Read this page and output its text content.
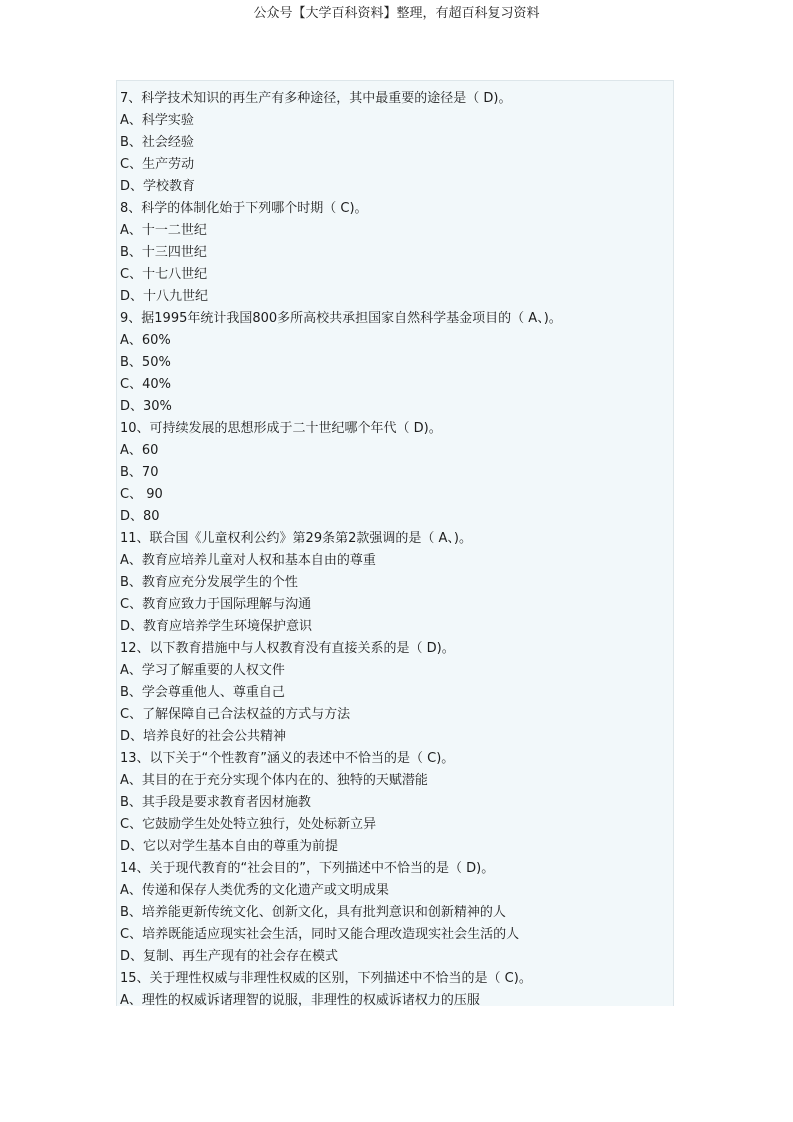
公众号【大学百科资料】整理，有超百科复习资料
7、科学技术知识的再生产有多种途径，其中最重要的途径是（ D)。
A、科学实验
B、社会经验
C、生产劳动
D、学校教育
8、科学的体制化始于下列哪个时期（ C)。
A、十一二世纪
B、十三四世纪
C、十七八世纪
D、十八九世纪
9、据1995年统计我国800多所高校共承担国家自然科学基金项目的（ A、)。
A、60%
B、50%
C、40%
D、30%
10、可持续发展的思想形成于二十世纪哪个年代（ D)。
A、60
B、70
C、 90
D、80
11、联合国《儿童权利公约》第29条第2款强调的是（ A、)。
A、教育应培养儿童对人权和基本自由的尊重
B、教育应充分发展学生的个性
C、教育应致力于国际理解与沟通
D、教育应培养学生环境保护意识
12、以下教育措施中与人权教育没有直接关系的是（ D)。
A、学习了解重要的人权文件
B、学会尊重他人、尊重自己
C、了解保障自己合法权益的方式与方法
D、培养良好的社会公共精神
13、以下关于“个性教育”涵义的表述中不恰当的是（ C)。
A、其目的在于充分实现个体内在的、独特的天赋潜能
B、其手段是要求教育者因材施教
C、它鼓励学生处处特立独行，处处标新立异
D、它以对学生基本自由的尊重为前提
14、关于现代教育的“社会目的”，下列描述中不恰当的是（ D)。
A、传递和保存人类优秀的文化遗产或文明成果
B、培养能更新传统文化、创新文化，具有批判意识和创新精神的人
C、培养既能适应现实社会生活，同时又能合理改造现实社会生活的人
D、复制、再生产现有的社会存在模式
15、关于理性权威与非理性权威的区别，下列描述中不恰当的是（ C)。
A、理性的权威诉诸理智的说服，非理性的权威诉诸权力的压服
